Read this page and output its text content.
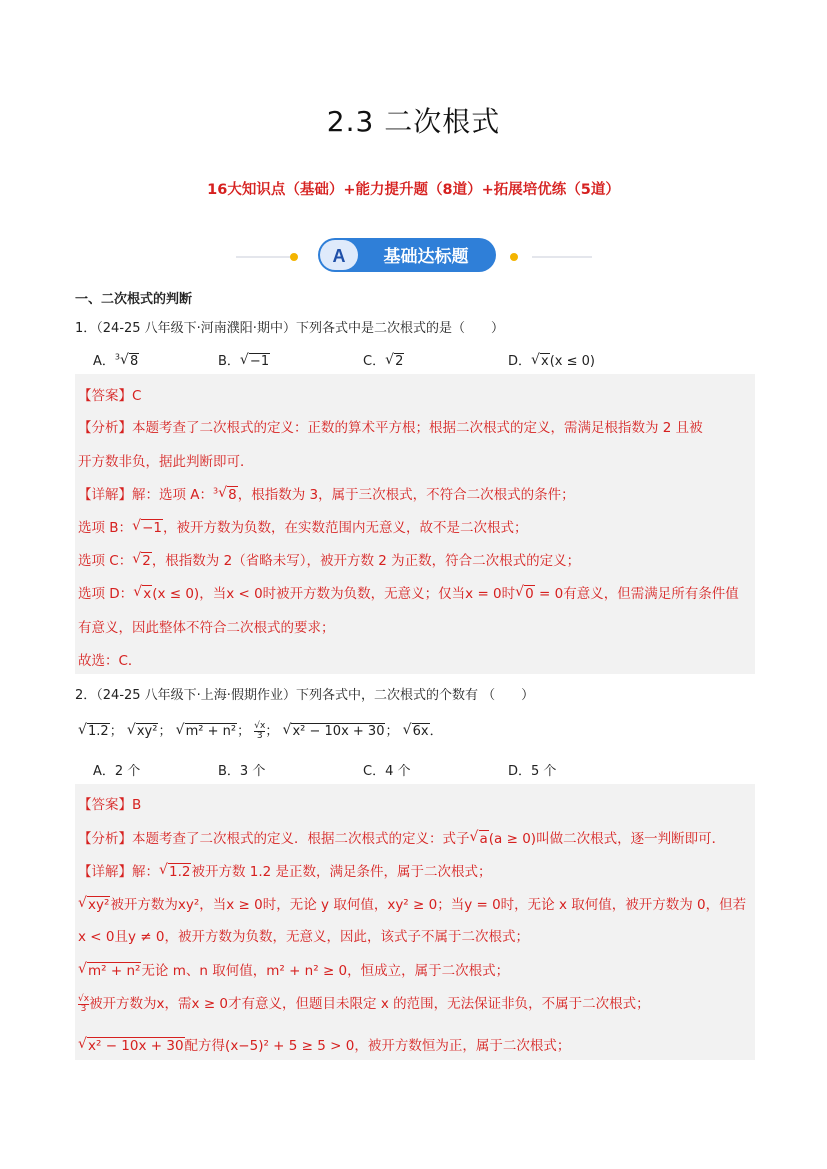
2.3 二次根式
16大知识点（基础）+能力提升题（8道）+拓展培优练（5道）
A 基础达标题
一、二次根式的判断
1．（24-25 八年级下·河南濮阳·期中）下列各式中是二次根式的是（　　）
A．$^3$ √ 8	B． √ −1	C． √ 2	D． √ x(x ≤ 0)
【答案】C
【分析】本题考查了二次根式的定义：正数的算术平方根；根据二次根式的定义，需满足根指数为 2 且被
开方数非负，据此判断即可．
【详解】解：选项 A：$^3$ √ 8，根指数为 3，属于三次根式，不符合二次根式的条件；
选项 B： √ −1，被开方数为负数，在实数范围内无意义，故不是二次根式；
选项 C： √ 2，根指数为 2（省略未写），被开方数 2 为正数，符合二次根式的定义；
选项 D： √ x(x ≤ 0)，当x < 0时被开方数为负数，无意义；仅当x = 0时 √ 0 = 0有意义，但需满足所有条件值
有意义，因此整体不符合二次根式的要求；
故选：C．
2．（24-25 八年级下·上海·假期作业）下列各式中，二次根式的个数有 （　　）
√ 1.2； √ xy²； √ m² + n²； $\frac{√x}{3}$ ； √ x² − 10x + 30； √ 6x．
A．2 个	B．3 个	C．4 个	D．5 个
【答案】B
【分析】本题考查了二次根式的定义．根据二次根式的定义：式子 √ a(a ≥ 0)叫做二次根式，逐一判断即可．
【详解】解： √ 1.2被开方数 1.2 是正数，满足条件，属于二次根式；
√ xy²被开方数为xy²，当x ≥ 0时，无论 y 取何值，xy² ≥ 0；当y = 0时，无论 x 取何值，被开方数为 0，但若
x < 0且y ≠ 0，被开方数为负数，无意义，因此，该式子不属于二次根式；
√ m² + n²无论 m、n 取何值，m² + n² ≥ 0，恒成立，属于二次根式；
$\frac{√x}{3}$ 被开方数为x，需x ≥ 0才有意义，但题目未限定 x 的范围，无法保证非负，不属于二次根式；
√ x² − 10x + 30配方得(x−5)² + 5 ≥ 5 > 0，被开方数恒为正，属于二次根式；
